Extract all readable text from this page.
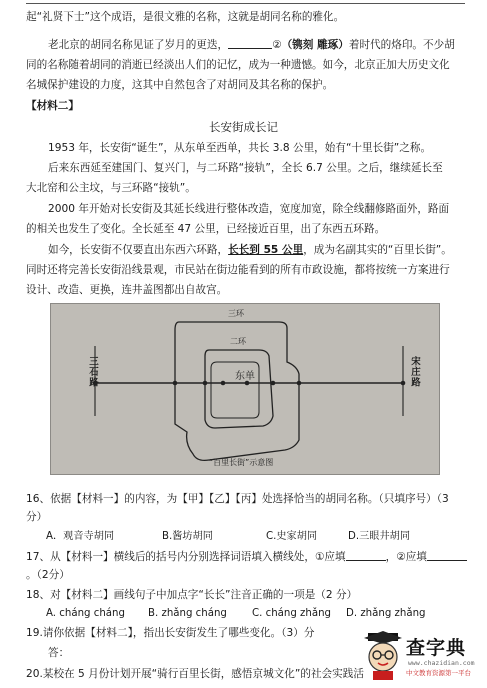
起“礼贤下士”这个成语，是很文雅的名称，这就是胡同名称的雅化。
老北京的胡同名称见证了岁月的更迭，	②（镌刻 雕琢）着时代的烙印。不少胡
同的名称随着胡同的消逝已经淡出人们的记忆，成为一种遗憾。如今，北京正加大历史文化
名城保护建设的力度，这其中自然包含了对胡同及其名称的保护。
【材料二】
长安街成长记
1953 年，长安街“诞生”，从东单至西单，共长 3.8 公里，始有“十里长街”之称。
后来东西延至建国门、复兴门，与二环路“接轨”，全长 6.7 公里。之后，继续延长至
大北窑和公主坟，与三环路“接轨”。
2000 年开始对长安街及其延长线进行整体改造，宽度加宽，除全线翻修路面外，路面
的相关也发生了变化。全长延至 47 公里，已经接近百里，出了东西五环路。
如今，长安街不仅要直出东西六环路，长长到 55 公里，成为名副其实的“百里长街”。
同时还将完善长安街沿线景观，市民站在街边能看到的所有市政设施，都将按统一方案进行
设计、改造、更换，连井盖图都出自故宫。
三环
二环
东单
三石路	宋庄路
“百里长街”示意图
16、依据【材料一】的内容，为【甲】【乙】【丙】处选择恰当的胡同名称。（只填序号）（3
分）
A．观音寺胡同	B.酱坊胡同	C.史家胡同	D.三眼井胡同
17、从【材料一】横线后的括号内分别选择词语填入横线处，①应填	，②应填
。（2分）
18、对【材料二】画线句子中加点字“长长”注音正确的一项是（2 分）
A. cháng cháng B. zhǎng cháng C. cháng zhǎng D. zhǎng zhǎng
19.请你依据【材料二】，指出长安街发生了哪些变化。（3）分
答：
20.某校在 5 月份计划开展“骑行百里长街，感悟京城文化”的社会实践活
查字典
www.chazidian.com
中文教育资源第一平台
